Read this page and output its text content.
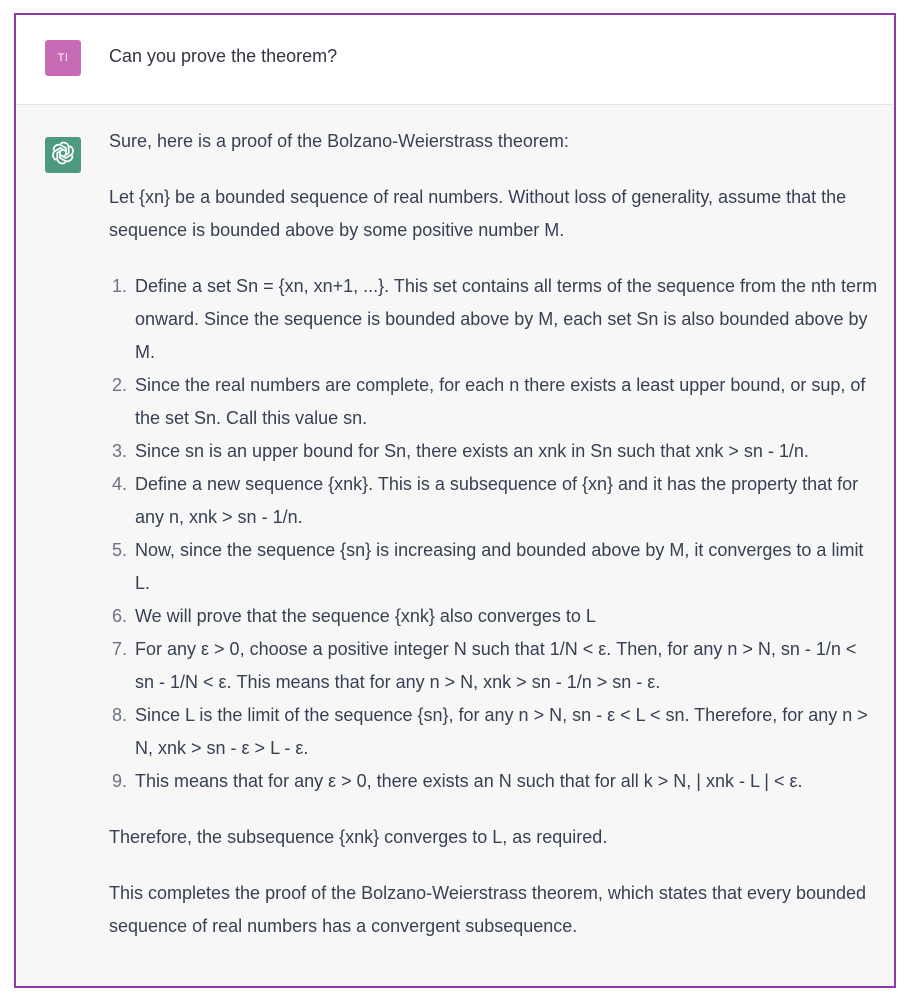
TI Can you prove the theorem?

Sure, here is a proof of the Bolzano-Weierstrass theorem:

Let {xn} be a bounded sequence of real numbers. Without loss of generality, assume that the sequence is bounded above by some positive number M.

1. Define a set Sn = {xn, xn+1, ...}. This set contains all terms of the sequence from the nth term onward. Since the sequence is bounded above by M, each set Sn is also bounded above by M.
2. Since the real numbers are complete, for each n there exists a least upper bound, or sup, of the set Sn. Call this value sn.
3. Since sn is an upper bound for Sn, there exists an xnk in Sn such that xnk > sn - 1/n.
4. Define a new sequence {xnk}. This is a subsequence of {xn} and it has the property that for any n, xnk > sn - 1/n.
5. Now, since the sequence {sn} is increasing and bounded above by M, it converges to a limit L.
6. We will prove that the sequence {xnk} also converges to L
7. For any ε > 0, choose a positive integer N such that 1/N < ε. Then, for any n > N, sn - 1/n < sn - 1/N < ε. This means that for any n > N, xnk > sn - 1/n > sn - ε.
8. Since L is the limit of the sequence {sn}, for any n > N, sn - ε < L < sn. Therefore, for any n > N, xnk > sn - ε > L - ε.
9. This means that for any ε > 0, there exists an N such that for all k > N, | xnk - L | < ε.

Therefore, the subsequence {xnk} converges to L, as required.

This completes the proof of the Bolzano-Weierstrass theorem, which states that every bounded sequence of real numbers has a convergent subsequence.
